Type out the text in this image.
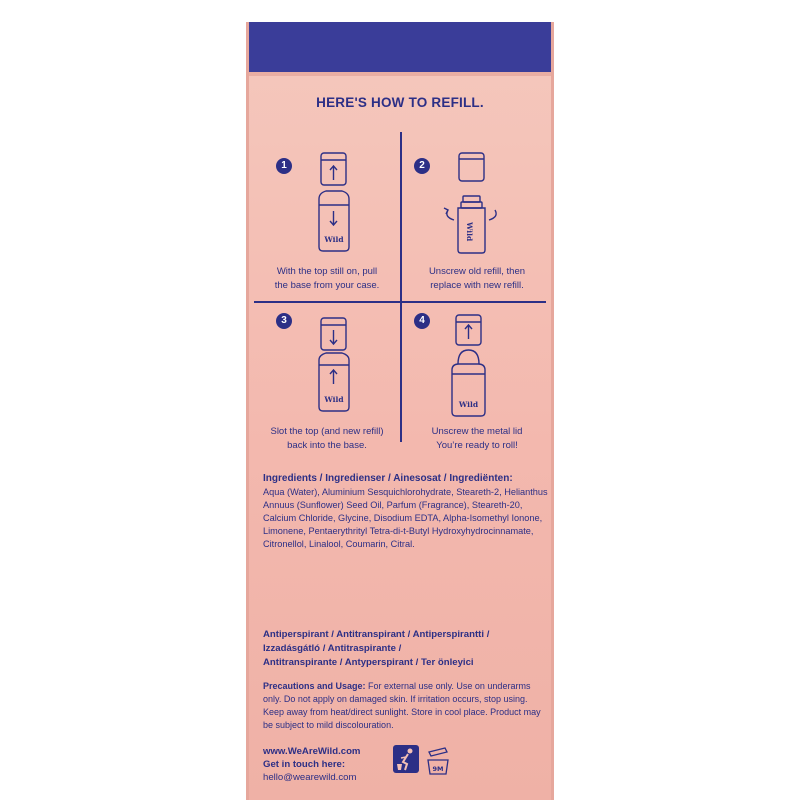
HERE'S HOW TO REFILL.
1
Wild
With the top still on, pull
the base from your case.
2
Wild
Unscrew old refill, then
replace with new refill.
3
Wild
Slot the top (and new refill)
back into the base.
4
Wild
Unscrew the metal lid
You’re ready to roll!
Ingredients / Ingredienser / Ainesosat / Ingrediënten:
Aqua (Water), Aluminium Sesquichlorohydrate, Steareth-2, Helianthus Annuus (Sunflower) Seed Oil, Parfum (Fragrance), Steareth-20, Calcium Chloride, Glycine, Disodium EDTA, Alpha-Isomethyl Ionone, Limonene, Pentaerythrityl Tetra-di-t-Butyl Hydroxyhydrocinnamate, Citronellol, Linalool, Coumarin, Citral.
Antiperspirant / Antitranspirant / Antiperspirantti /
Izzadásgátló / Antitraspirante /
Antitranspirante / Antyperspirant / Ter önleyici
Precautions and Usage: For external use only. Use on underarms only. Do not apply on damaged skin. If irritation occurs, stop using. Keep away from heat/direct sunlight. Store in cool place. Product may be subject to mild discolouration.
www.WeAreWild.com
Get in touch here:
hello@wearewild.com
9M
